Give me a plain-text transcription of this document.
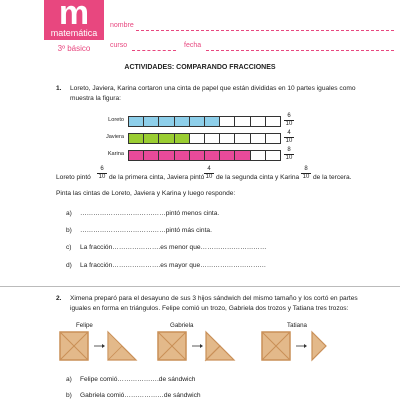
m
matemática
3º básico
nombre
curso	fecha
ACTIVIDADES: COMPARANDO FRACCIONES
1. Loreto, Javiera, Karina cortaron una cinta de papel que están divididas en 10 partes iguales como
muestra la figura:
Loreto	$\frac{6}{10}$
Javiera	$\frac{4}{10}$
Karina	$\frac{8}{10}$
Loreto pintó $\frac{6}{10}$ de la primera cinta, Javiera pintó $\frac{4}{10}$ de la segunda cinta y Karina $\frac{8}{10}$ de la tercera.
Pinta las cintas de Loreto, Javiera y Karina y luego responde:
a) …………………………………pintó menos cinta.
b) …………………………………pintó más cinta.
c) La fracción………………….es menor que…………………………
d) La fracción………………….es mayor que…………………………
2. Ximena preparó para el desayuno de sus 3 hijos sándwich del mismo tamaño y los cortó en partes
iguales en forma en triángulos. Felipe comió un trozo, Gabriela dos trozos y Tatiana tres trozos:
Felipe	Gabriela	Tatiana
a) Felipe comió……………….de sándwich
b) Gabriela comió………………de sándwich
